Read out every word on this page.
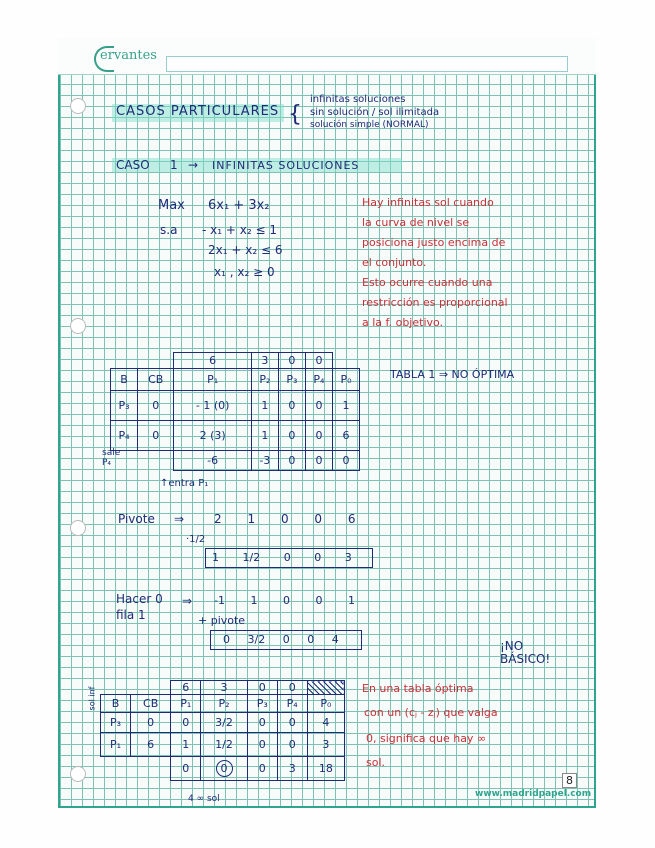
ervantes
CASOS PARTICULARES {
infinitas soluciones
sin solución / sol ilimitada
solución simple (NORMAL)
CASO 1 → INFINITAS SOLUCIONES
Max 6x₁ + 3x₂
s.a - x₁ + x₂ ≤ 1
2x₁ + x₂ ≤ 6
x₁ , x₂ ≥ 0
Hay infinitas sol cuando
la curva de nivel se
posiciona justo encima de
el conjunto.
Esto ocurre cuando una
restricción es proporcional
a la f. objetivo.
TABLA 1 ⇒ NO ÓPTIMA
		6	3	0	0	
B	CB	P₁	P₂	P₃	P₄	P₀
P₃	0	- 1 (0)	1	0	0	1
P₄	0	2 (3)	1	0	0	6
		-6	-3	0	0	0
sale P₄
↑entra P₁
Pivote ⇒ 2 1 0 0 6
·1/2
1 1/2 0 0 3
Hacer 0
fila 1
⇒ -1 1 0 0 1
+ pivote
0 3/2 0 0 4
		6	3	0	0	
B	CB	P₁	P₂	P₃	P₄	P₀
P₃	0	0	3/2	0	0	4
P₁	6	1	1/2	0	0	3
		0	0	0	3	18
sol inf
4 ∞ sol
¡NO BÁSICO!
En una tabla óptima
con un (cⱼ - zⱼ) que valga
0, significa que hay ∞
sol.
www.madridpapel.com
8
